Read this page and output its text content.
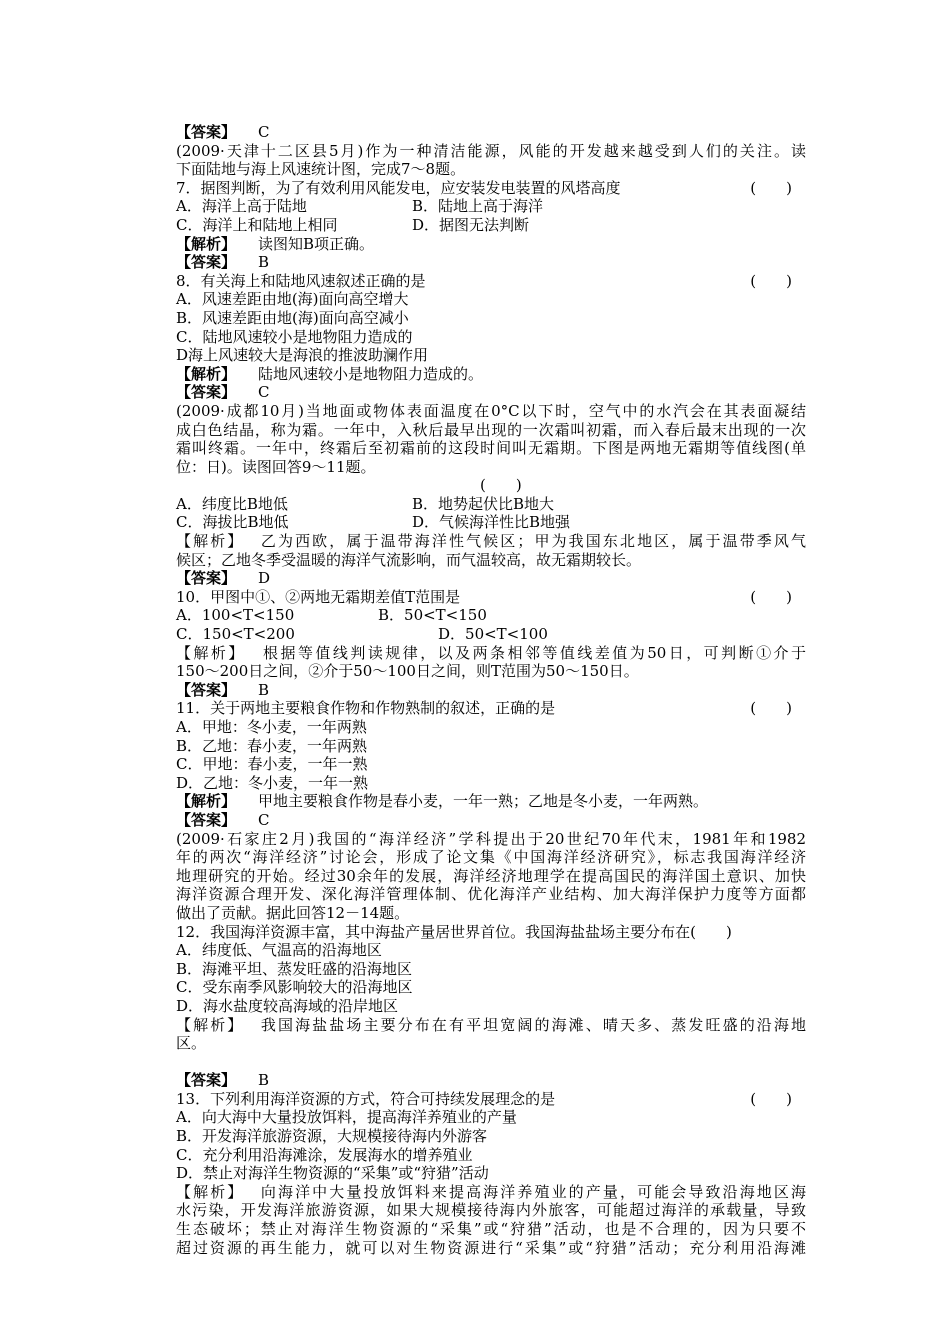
【答案】 C
(2009·天津十二区县5月)作为一种清洁能源，风能的开发越来越受到人们的关注。读
下面陆地与海上风速统计图，完成7～8题。
7．据图判断，为了有效利用风能发电，应安装发电装置的风塔高度	(　　)
A．海洋上高于陆地	B．陆地上高于海洋
C．海洋上和陆地上相同	D．据图无法判断
【解析】 读图知B项正确。
【答案】 B
8．有关海上和陆地风速叙述正确的是	(　　)
A．风速差距由地(海)面向高空增大
B．风速差距由地(海)面向高空减小
C．陆地风速较小是地物阻力造成的
D海上风速较大是海浪的推波助澜作用
【解析】 陆地风速较小是地物阻力造成的。
【答案】 C
(2009·成都10月)当地面或物体表面温度在0°C以下时，空气中的水汽会在其表面凝结
成白色结晶，称为霜。一年中，入秋后最早出现的一次霜叫初霜，而入春后最末出现的一次
霜叫终霜。一年中，终霜后至初霜前的这段时间叫无霜期。下图是两地无霜期等值线图(单
位：日)。读图回答9～11题。
(　　)
A．纬度比B地低	B．地势起伏比B地大
C．海拔比B地低	D．气候海洋性比B地强
【解析】　 乙为西欧，属于温带海洋性气候区；甲为我国东北地区，属于温带季风气
候区；乙地冬季受温暖的海洋气流影响，而气温较高，故无霜期较长。
【答案】 D
10．甲图中①、②两地无霜期差值T范围是	(　　)
A．100<T<150	B．50<T<150
C．150<T<200	D．50<T<100
【解析】　 根据等值线判读规律，以及两条相邻等值线差值为50日，可判断①介于
150～200日之间，②介于50～100日之间，则T范围为50～150日。
【答案】 B
11．关于两地主要粮食作物和作物熟制的叙述，正确的是	(　　)
A．甲地：冬小麦，一年两熟
B．乙地：春小麦，一年两熟
C．甲地：春小麦，一年一熟
D．乙地：冬小麦，一年一熟
【解析】 甲地主要粮食作物是春小麦，一年一熟；乙地是冬小麦，一年两熟。
【答案】 C
(2009·石家庄2月)我国的“海洋经济”学科提出于20世纪70年代末，1981年和1982
年的两次“海洋经济”讨论会，形成了论文集《中国海洋经济研究》，标志我国海洋经济
地理研究的开始。经过30余年的发展，海洋经济地理学在提高国民的海洋国土意识、加快
海洋资源合理开发、深化海洋管理体制、优化海洋产业结构、加大海洋保护力度等方面都
做出了贡献。据此回答12－14题。
12．我国海洋资源丰富，其中海盐产量居世界首位。我国海盐盐场主要分布在(　　)
A．纬度低、气温高的沿海地区
B．海滩平坦、蒸发旺盛的沿海地区
C．受东南季风影响较大的沿海地区
D．海水盐度较高海域的沿岸地区
【解析】　 我国海盐盐场主要分布在有平坦宽阔的海滩、晴天多、蒸发旺盛的沿海地
区。
【答案】 B
13．下列利用海洋资源的方式，符合可持续发展理念的是	(　　)
A．向大海中大量投放饵料，提高海洋养殖业的产量
B．开发海洋旅游资源，大规模接待海内外游客
C．充分利用沿海滩涂，发展海水的增养殖业
D．禁止对海洋生物资源的“采集”或“狩猎”活动
【解析】　 向海洋中大量投放饵料来提高海洋养殖业的产量，可能会导致沿海地区海
水污染，开发海洋旅游资源，如果大规模接待海内外旅客，可能超过海洋的承载量，导致
生态破坏；禁止对海洋生物资源的“采集”或“狩猎”活动，也是不合理的，因为只要不
超过资源的再生能力，就可以对生物资源进行“采集”或“狩猎”活动；充分利用沿海滩
